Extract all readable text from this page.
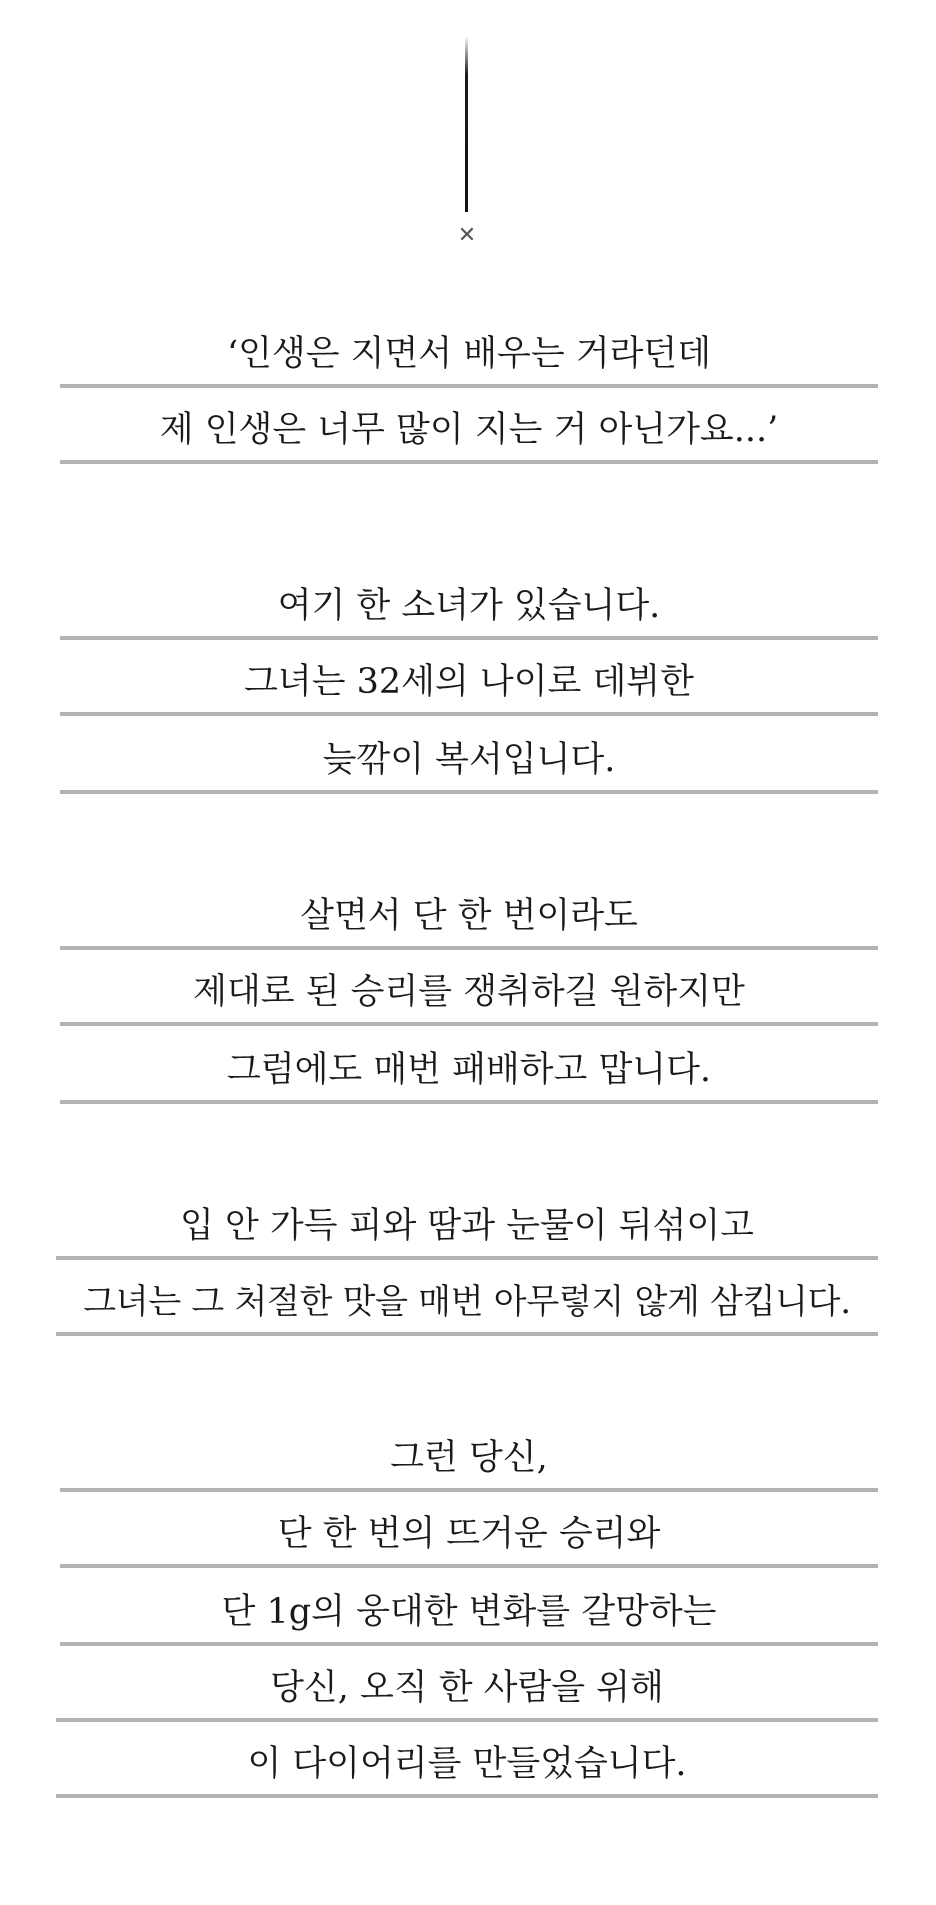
✕
‘인생은 지면서 배우는 거라던데
제 인생은 너무 많이 지는 거 아닌가요...’
여기 한 소녀가 있습니다.
그녀는 32세의 나이로 데뷔한
늦깎이 복서입니다.
살면서 단 한 번이라도
제대로 된 승리를 쟁취하길 원하지만
그럼에도 매번 패배하고 맙니다.
입 안 가득 피와 땀과 눈물이 뒤섞이고
그녀는 그 처절한 맛을 매번 아무렇지 않게 삼킵니다.
그런 당신,
단 한 번의 뜨거운 승리와
단 1g의 웅대한 변화를 갈망하는
당신, 오직 한 사람을 위해
이 다이어리를 만들었습니다.
